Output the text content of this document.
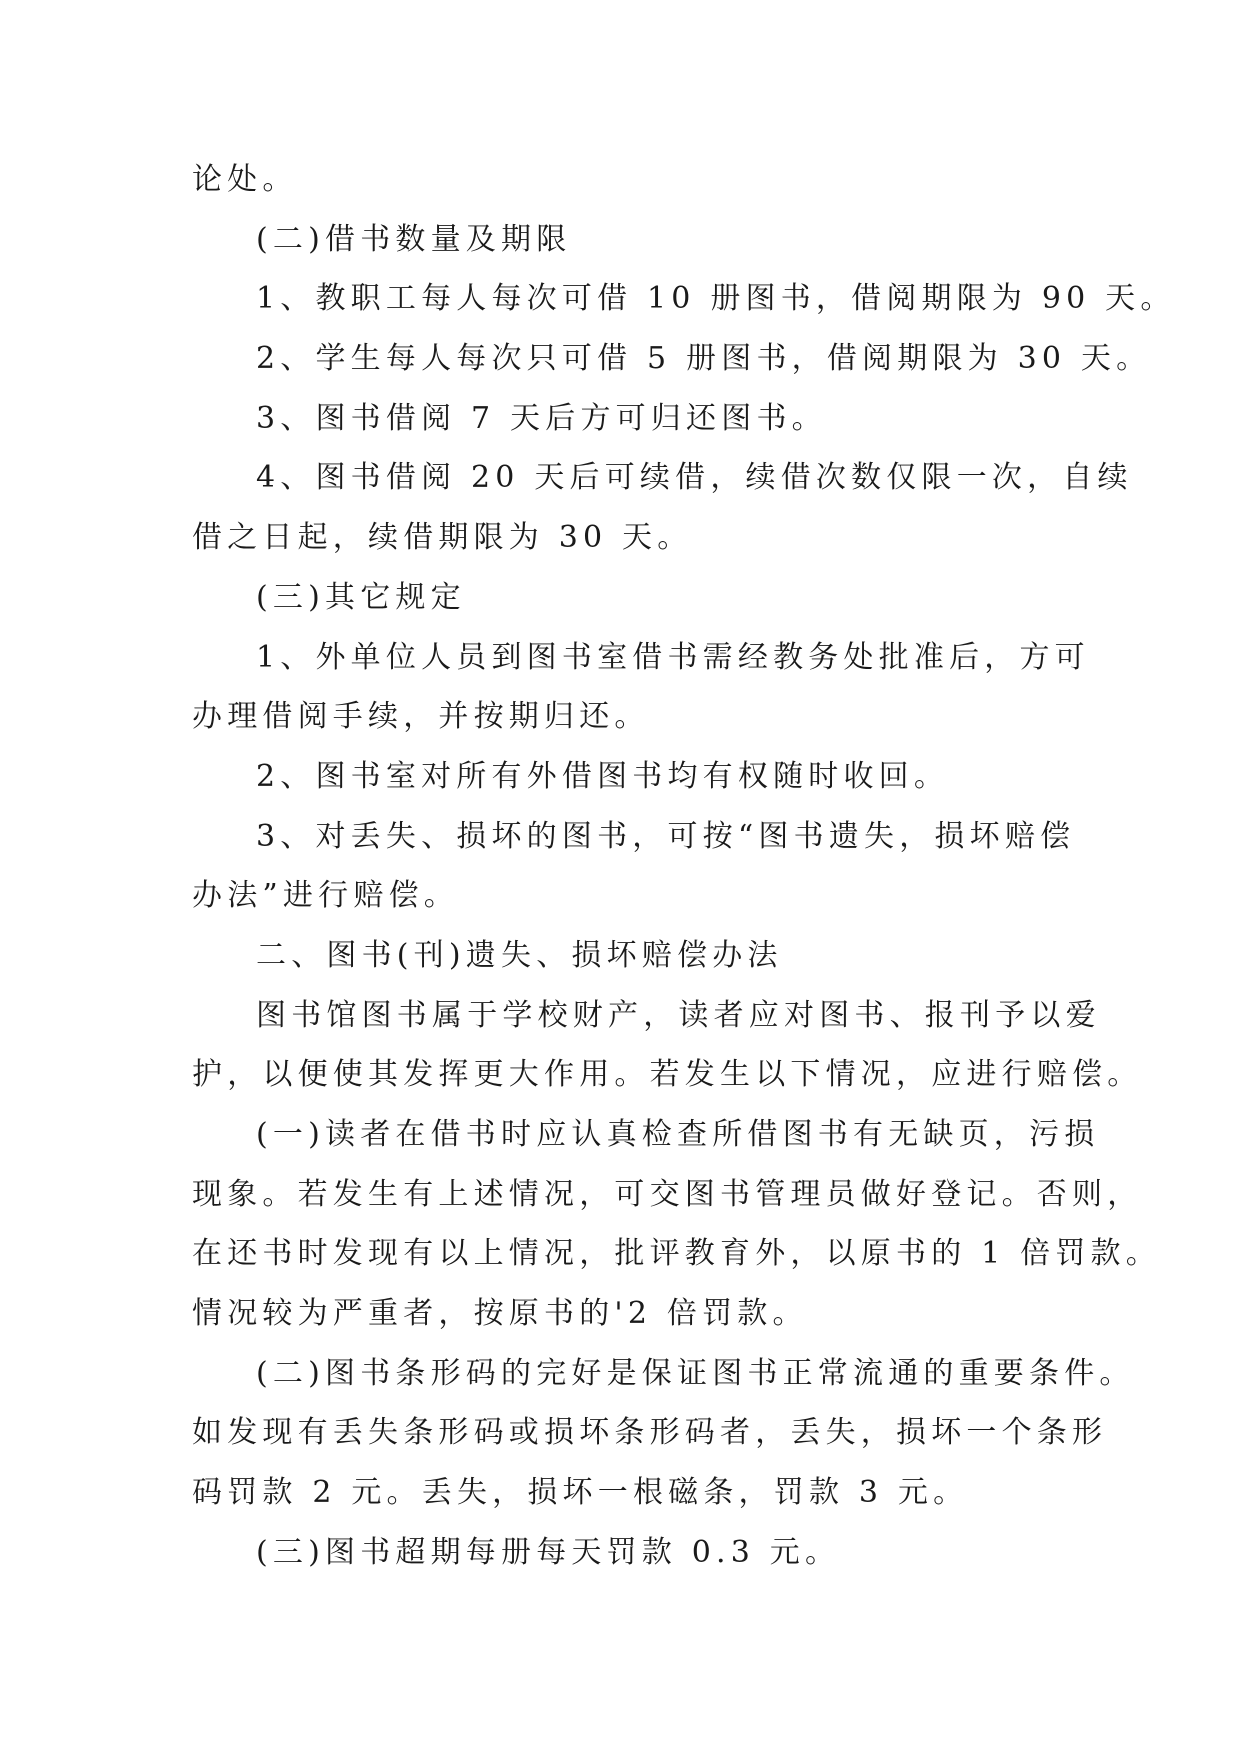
论处。
(二)借书数量及期限
1、教职工每人每次可借 10 册图书，借阅期限为 90 天。
2、学生每人每次只可借 5 册图书，借阅期限为 30 天。
3、图书借阅 7 天后方可归还图书。
4、图书借阅 20 天后可续借，续借次数仅限一次，自续
借之日起，续借期限为 30 天。
(三)其它规定
1、外单位人员到图书室借书需经教务处批准后，方可
办理借阅手续，并按期归还。
2、图书室对所有外借图书均有权随时收回。
3、对丢失、损坏的图书，可按“图书遗失，损坏赔偿
办法”进行赔偿。
二、图书(刊)遗失、损坏赔偿办法
图书馆图书属于学校财产，读者应对图书、报刊予以爱
护，以便使其发挥更大作用。若发生以下情况，应进行赔偿。
(一)读者在借书时应认真检查所借图书有无缺页，污损
现象。若发生有上述情况，可交图书管理员做好登记。否则，
在还书时发现有以上情况，批评教育外，以原书的 1 倍罚款。
情况较为严重者，按原书的'2 倍罚款。
(二)图书条形码的完好是保证图书正常流通的重要条件。
如发现有丢失条形码或损坏条形码者，丢失，损坏一个条形
码罚款 2 元。丢失，损坏一根磁条，罚款 3 元。
(三)图书超期每册每天罚款 0.3 元。
